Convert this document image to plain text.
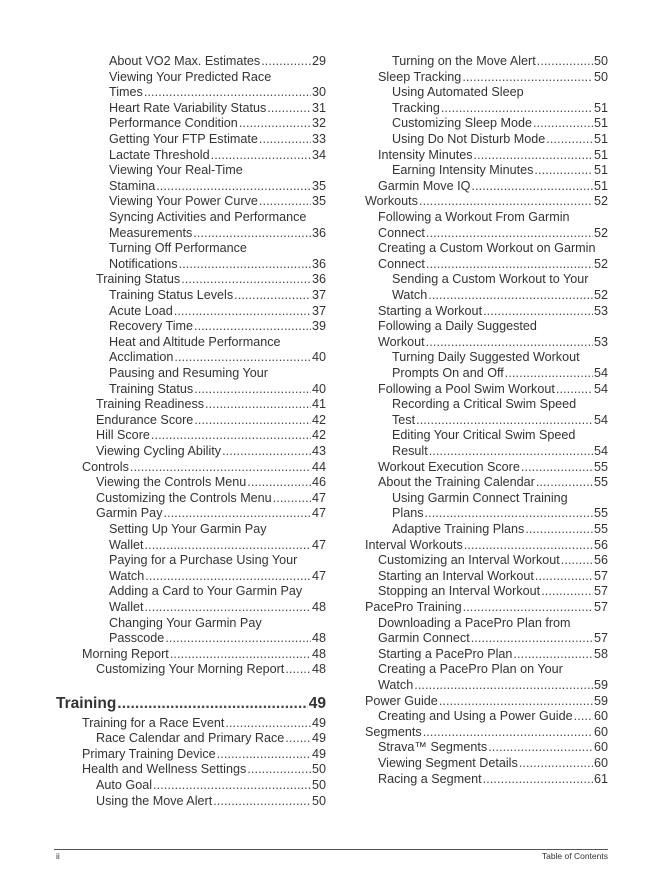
About VO2 Max. Estimates .....	29
Viewing Your Predicted Race
Times .....	30
Heart Rate Variability Status .....	31
Performance Condition .....	32
Getting Your FTP Estimate .....	33
Lactate Threshold .....	34
Viewing Your Real-Time
Stamina .....	35
Viewing Your Power Curve .....	35
Syncing Activities and Performance
Measurements .....	36
Turning Off Performance
Notifications .....	36
Training Status .....	36
Training Status Levels .....	37
Acute Load .....	37
Recovery Time .....	39
Heat and Altitude Performance
Acclimation .....	40
Pausing and Resuming Your
Training Status .....	40
Training Readiness .....	41
Endurance Score .....	42
Hill Score .....	42
Viewing Cycling Ability .....	43
Controls .....	44
Viewing the Controls Menu .....	46
Customizing the Controls Menu .....	47
Garmin Pay .....	47
Setting Up Your Garmin Pay
Wallet .....	47
Paying for a Purchase Using Your
Watch .....	47
Adding a Card to Your Garmin Pay
Wallet .....	48
Changing Your Garmin Pay
Passcode .....	48
Morning Report .....	48
Customizing Your Morning Report ..... 48
Training .....	49
Training for a Race Event .....	49
Race Calendar and Primary Race ..... 49
Primary Training Device .....	49
Health and Wellness Settings .....	50
Auto Goal .....	50
Using the Move Alert .....	50
Turning on the Move Alert .....	50
Sleep Tracking .....	50
Using Automated Sleep
Tracking .....	51
Customizing Sleep Mode .....	51
Using Do Not Disturb Mode .....	51
Intensity Minutes .....	51
Earning Intensity Minutes .....	51
Garmin Move IQ .....	51
Workouts .....	52
Following a Workout From Garmin
Connect .....	52
Creating a Custom Workout on Garmin
Connect .....	52
Sending a Custom Workout to Your
Watch .....	52
Starting a Workout .....	53
Following a Daily Suggested
Workout .....	53
Turning Daily Suggested Workout
Prompts On and Off .....	54
Following a Pool Swim Workout .....	54
Recording a Critical Swim Speed
Test .....	54
Editing Your Critical Swim Speed
Result .....	54
Workout Execution Score .....	55
About the Training Calendar .....	55
Using Garmin Connect Training
Plans .....	55
Adaptive Training Plans .....	55
Interval Workouts .....	56
Customizing an Interval Workout .....	56
Starting an Interval Workout .....	57
Stopping an Interval Workout .....	57
PacePro Training .....	57
Downloading a PacePro Plan from
Garmin Connect .....	57
Starting a PacePro Plan .....	58
Creating a PacePro Plan on Your
Watch .....	59
Power Guide .....	59
Creating and Using a Power Guide ..... 60
Segments .....	60
Strava™ Segments .....	60
Viewing Segment Details .....	60
Racing a Segment .....	61
ii	Table of Contents
